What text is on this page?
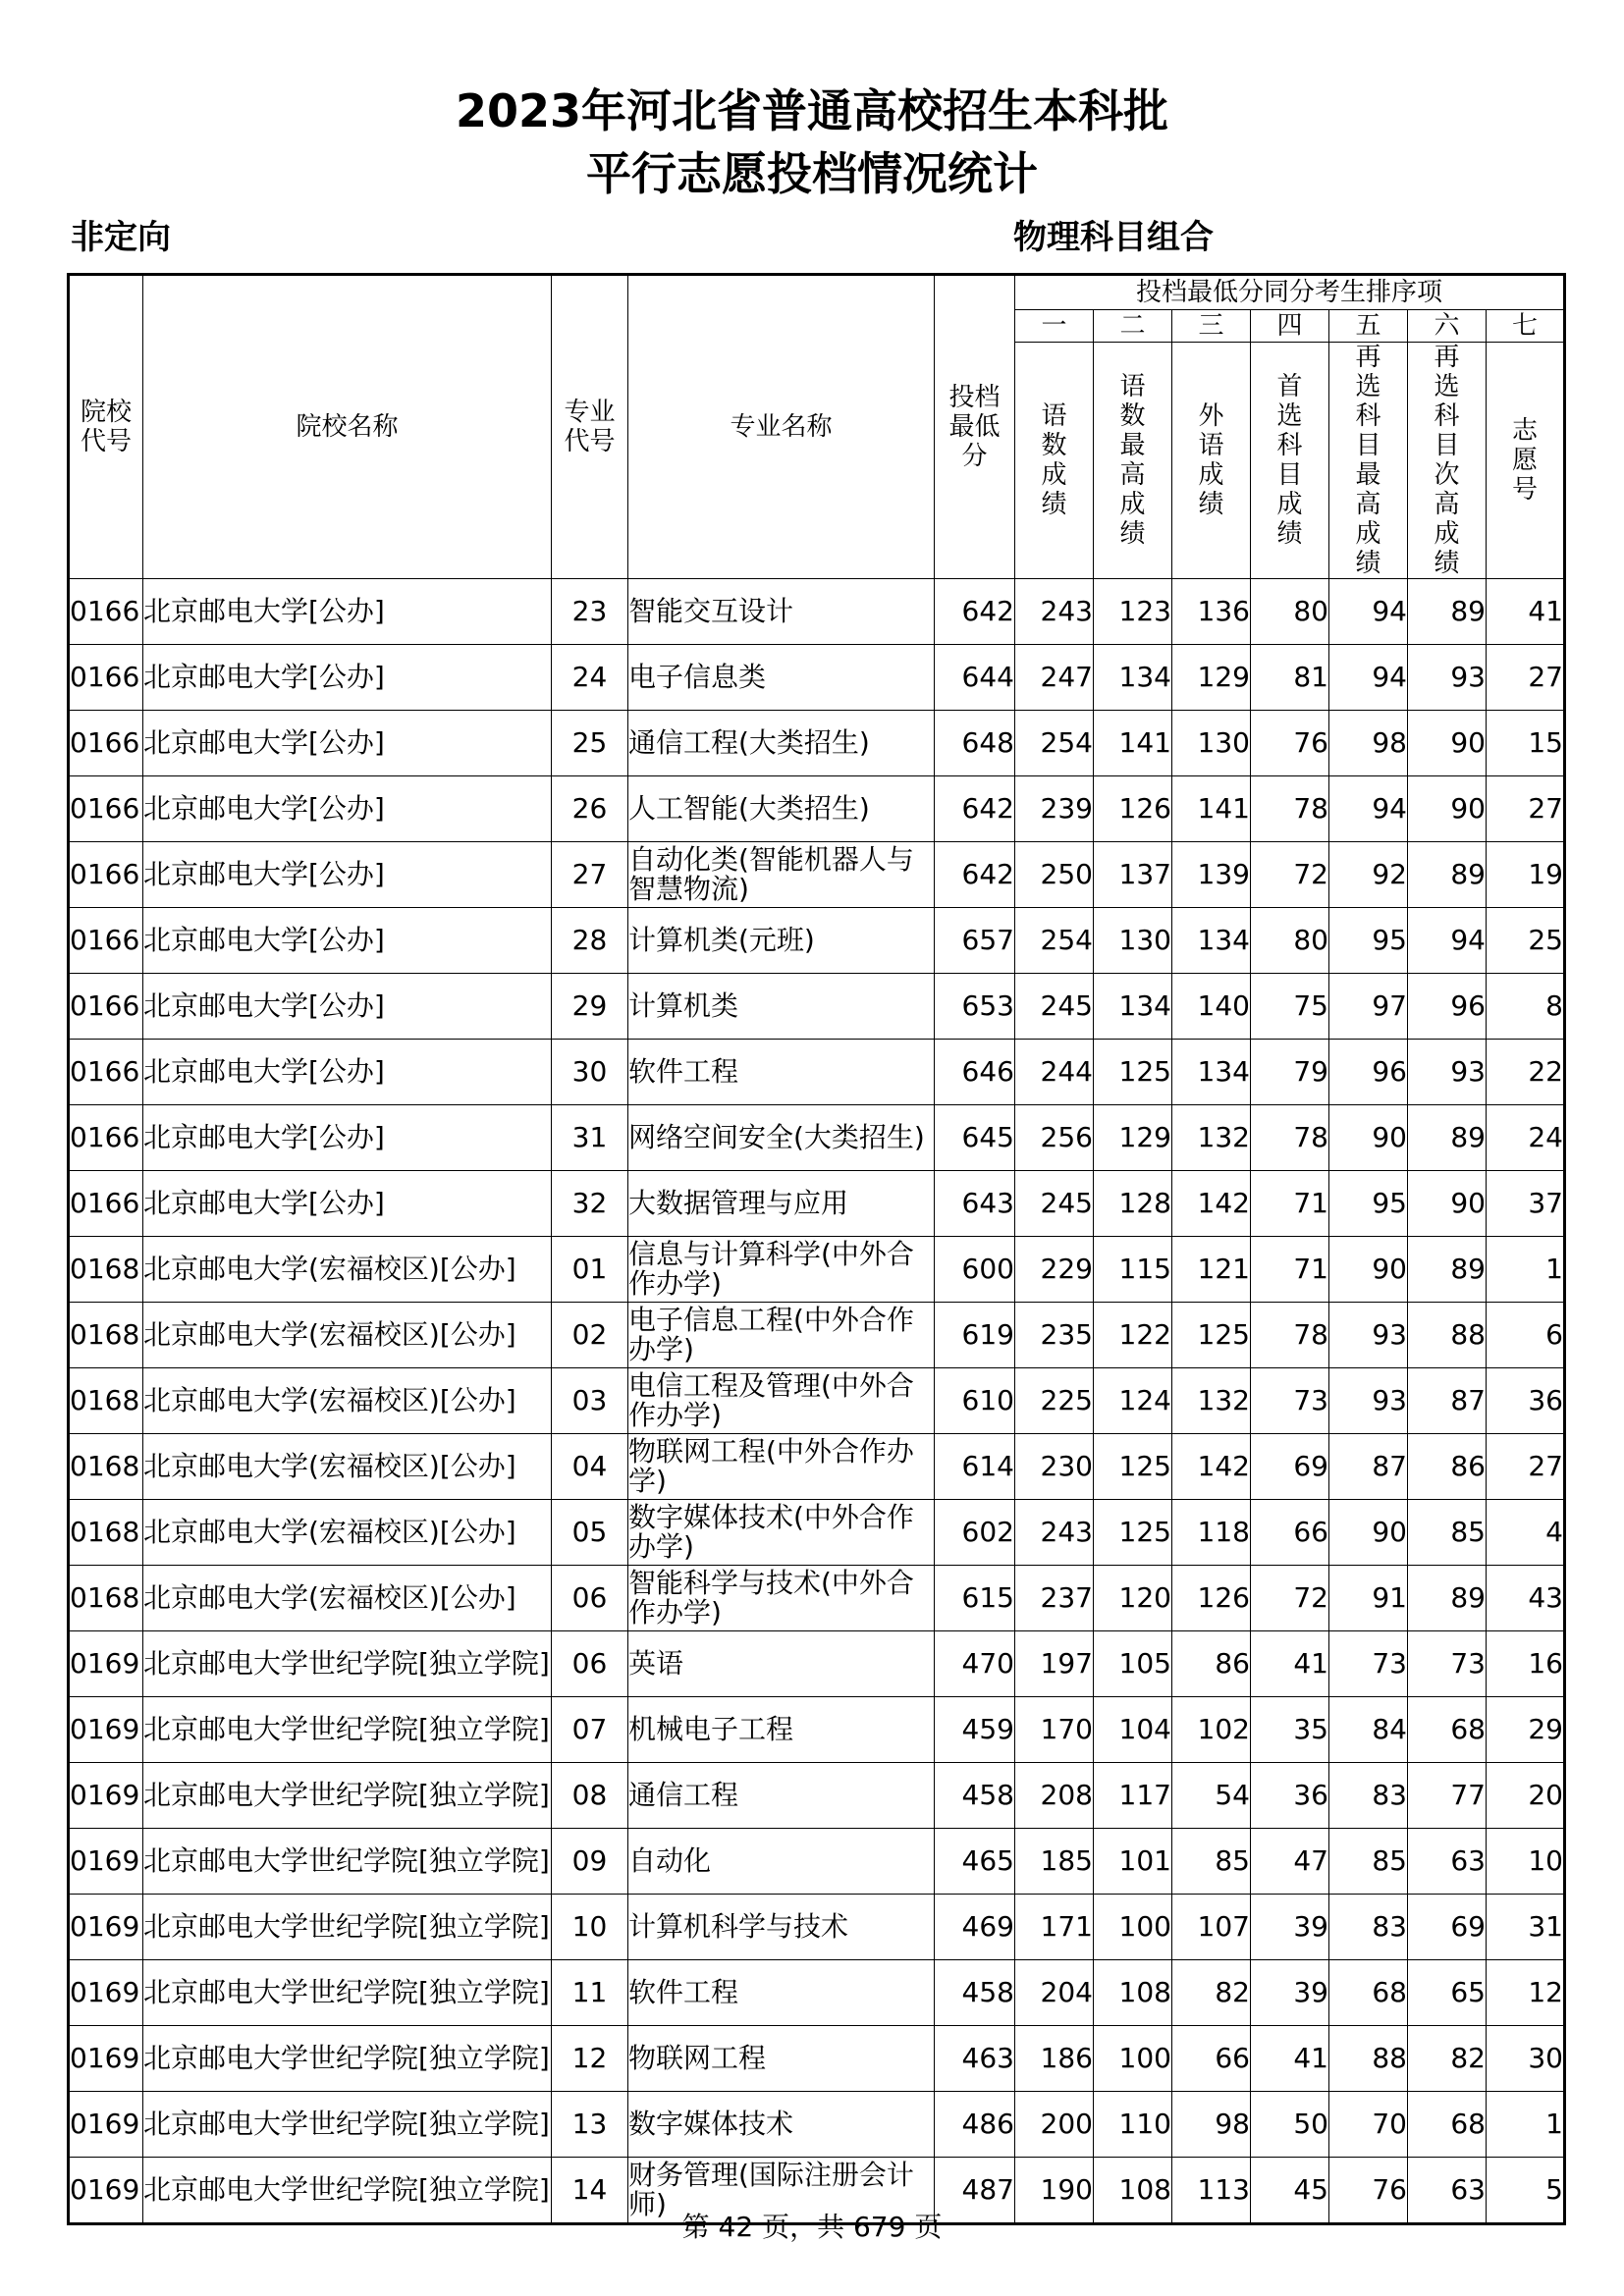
2023年河北省普通高校招生本科批
平行志愿投档情况统计
非定向	物理科目组合
院校代号	院校名称	专业代号	专业名称	投档最低分	投档最低分同分考生排序项						
					一	二	三	四	五	六	七
					语数成绩	语数最高成绩	外语成绩	首选科目成绩	再选科目最高成绩	再选科目次高成绩	志愿号
0166	北京邮电大学[公办]	23	智能交互设计	642	243	123	136	80	94	89	41
0166	北京邮电大学[公办]	24	电子信息类	644	247	134	129	81	94	93	27
0166	北京邮电大学[公办]	25	通信工程(大类招生)	648	254	141	130	76	98	90	15
0166	北京邮电大学[公办]	26	人工智能(大类招生)	642	239	126	141	78	94	90	27
0166	北京邮电大学[公办]	27	自动化类(智能机器人与智慧物流)	642	250	137	139	72	92	89	19
0166	北京邮电大学[公办]	28	计算机类(元班)	657	254	130	134	80	95	94	25
0166	北京邮电大学[公办]	29	计算机类	653	245	134	140	75	97	96	8
0166	北京邮电大学[公办]	30	软件工程	646	244	125	134	79	96	93	22
0166	北京邮电大学[公办]	31	网络空间安全(大类招生)	645	256	129	132	78	90	89	24
0166	北京邮电大学[公办]	32	大数据管理与应用	643	245	128	142	71	95	90	37
0168	北京邮电大学(宏福校区)[公办]	01	信息与计算科学(中外合作办学)	600	229	115	121	71	90	89	1
0168	北京邮电大学(宏福校区)[公办]	02	电子信息工程(中外合作办学)	619	235	122	125	78	93	88	6
0168	北京邮电大学(宏福校区)[公办]	03	电信工程及管理(中外合作办学)	610	225	124	132	73	93	87	36
0168	北京邮电大学(宏福校区)[公办]	04	物联网工程(中外合作办学)	614	230	125	142	69	87	86	27
0168	北京邮电大学(宏福校区)[公办]	05	数字媒体技术(中外合作办学)	602	243	125	118	66	90	85	4
0168	北京邮电大学(宏福校区)[公办]	06	智能科学与技术(中外合作办学)	615	237	120	126	72	91	89	43
0169	北京邮电大学世纪学院[独立学院]	06	英语	470	197	105	86	41	73	73	16
0169	北京邮电大学世纪学院[独立学院]	07	机械电子工程	459	170	104	102	35	84	68	29
0169	北京邮电大学世纪学院[独立学院]	08	通信工程	458	208	117	54	36	83	77	20
0169	北京邮电大学世纪学院[独立学院]	09	自动化	465	185	101	85	47	85	63	10
0169	北京邮电大学世纪学院[独立学院]	10	计算机科学与技术	469	171	100	107	39	83	69	31
0169	北京邮电大学世纪学院[独立学院]	11	软件工程	458	204	108	82	39	68	65	12
0169	北京邮电大学世纪学院[独立学院]	12	物联网工程	463	186	100	66	41	88	82	30
0169	北京邮电大学世纪学院[独立学院]	13	数字媒体技术	486	200	110	98	50	70	68	1
0169	北京邮电大学世纪学院[独立学院]	14	财务管理(国际注册会计师)	487	190	108	113	45	76	63	5
第 42 页，共 679 页
